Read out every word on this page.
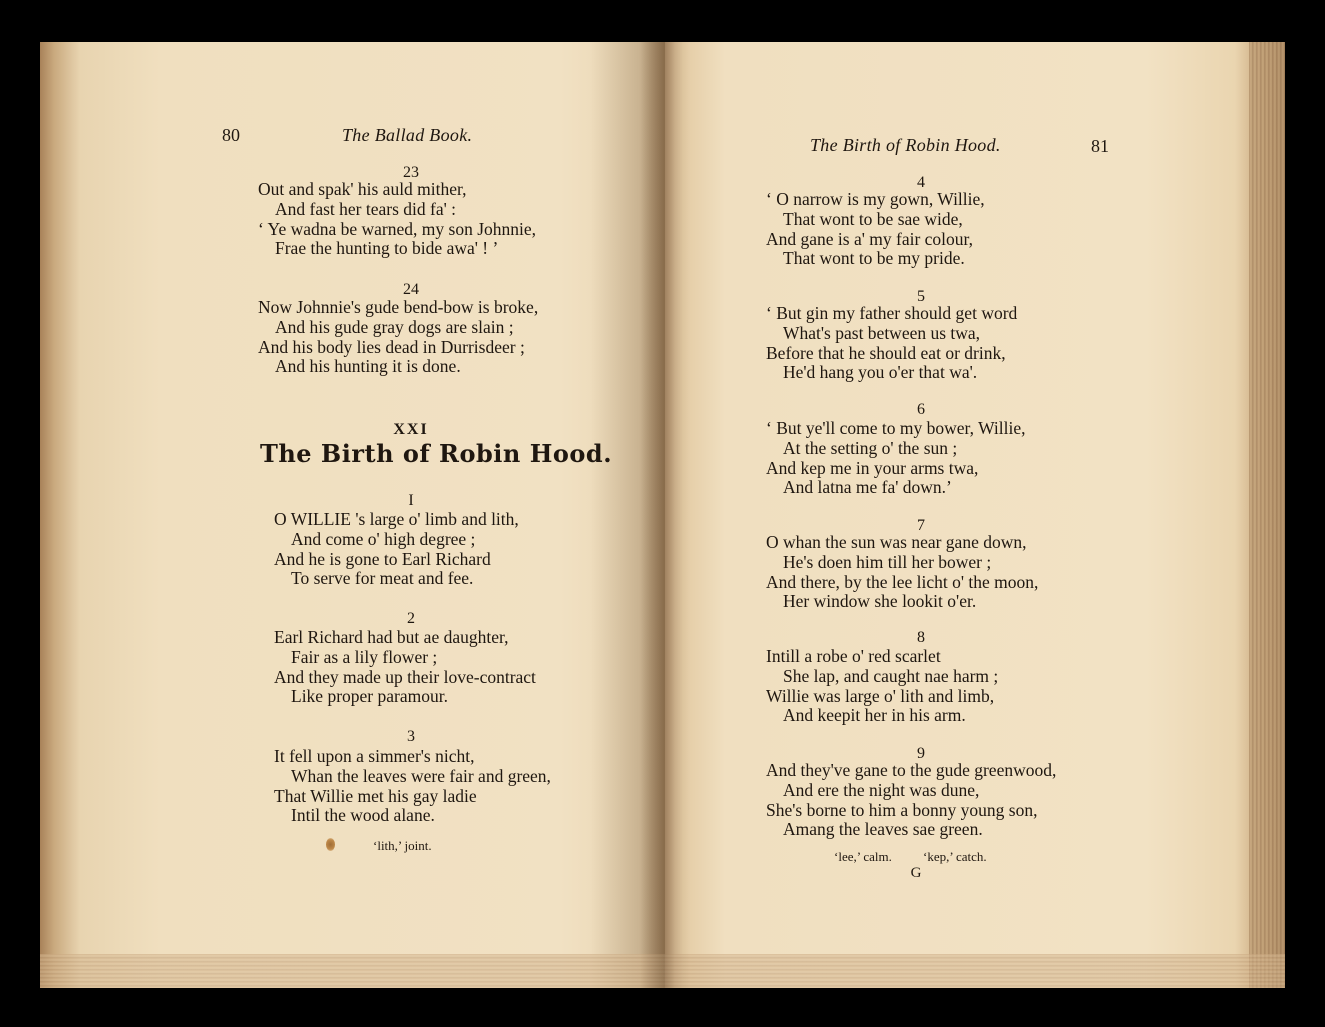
80	The Ballad Book.
23
Out and spak' his auld mither,
And fast her tears did fa' :
‘ Ye wadna be warned, my son Johnnie,
Frae the hunting to bide awa' ! ’
24
Now Johnnie's gude bend-bow is broke,
And his gude gray dogs are slain ;
And his body lies dead in Durrisdeer ;
And his hunting it is done.
XXI
The Birth of Robin Hood.
I
O WILLIE 's large o' limb and lith,
And come o' high degree ;
And he is gone to Earl Richard
To serve for meat and fee.
2
Earl Richard had but ae daughter,
Fair as a lily flower ;
And they made up their love-contract
Like proper paramour.
3
It fell upon a simmer's nicht,
Whan the leaves were fair and green,
That Willie met his gay ladie
Intil the wood alane.
‘lith,’ joint.
The Birth of Robin Hood.	81
4
‘ O narrow is my gown, Willie,
That wont to be sae wide,
And gane is a' my fair colour,
That wont to be my pride.
5
‘ But gin my father should get word
What's past between us twa,
Before that he should eat or drink,
He'd hang you o'er that wa'.
6
‘ But ye'll come to my bower, Willie,
At the setting o' the sun ;
And kep me in your arms twa,
And latna me fa' down.’
7
O whan the sun was near gane down,
He's doen him till her bower ;
And there, by the lee licht o' the moon,
Her window she lookit o'er.
8
Intill a robe o' red scarlet
She lap, and caught nae harm ;
Willie was large o' lith and limb,
And keepit her in his arm.
9
And they've gane to the gude greenwood,
And ere the night was dune,
She's borne to him a bonny young son,
Amang the leaves sae green.
‘lee,’ calm. ‘kep,’ catch.
G
